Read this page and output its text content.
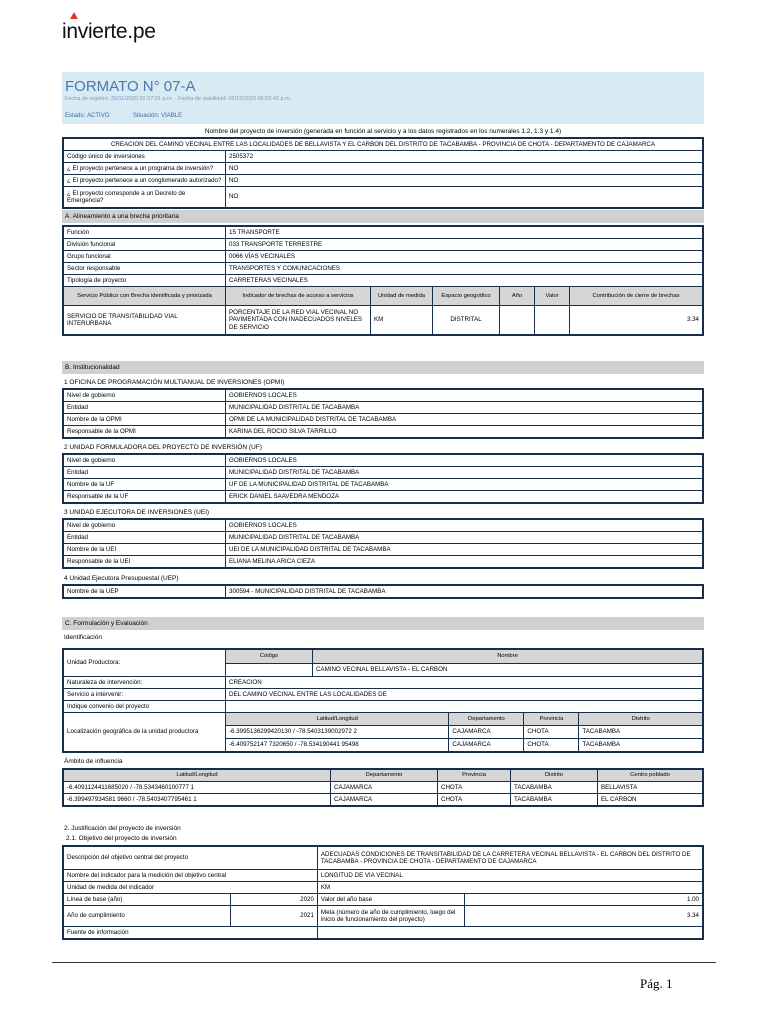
invierte.pe
FORMATO N° 07-A
Fecha de registro: 30/11/2020 02:37:01 p.m. - Fecha de viabilidad: 03/12/2020 06:03:42 p.m.
Estado: ACTIVO	Situación: VIABLE
Nombre del proyecto de inversión (generada en función al servicio y a los datos registrados en los numerales 1.2, 1.3 y 1.4)
CREACION DEL CAMINO VECINAL ENTRE LAS LOCALIDADES DE BELLAVISTA Y EL CARBON DEL DISTRITO DE TACABAMBA - PROVINCIA DE CHOTA - DEPARTAMENTO DE CAJAMARCA	
Código único de inversiones	2505372
¿ El proyecto pertenece a un programa de inversión?	NO
¿ El proyecto pertenece a un conglomerado autorizado?	NO
¿ El proyecto corresponde a un Decreto de Emergencia?	NO
A. Alineamiento a una brecha prioritaria
Función	15 TRANSPORTE					
División funcional	033 TRANSPORTE TERRESTRE					
Grupo funcional	0066 VÍAS VECINALES					
Sector responsable	TRANSPORTES Y COMUNICACIONES					
Tipología de proyecto	CARRETERAS VECINALES					
Servicio Público con Brecha identificada y priorizada	Indicador de brechas de acceso a servicios	Unidad de medida	Espacio geográfico	Año	Valor	Contribución de cierre de brechas
SERVICIO DE TRANSITABILIDAD VIAL INTERURBANA	PORCENTAJE DE LA RED VIAL VECINAL NO PAVIMENTADA CON INADECUADOS NIVELES DE SERVICIO	KM	DISTRITAL			3.34
B. Institucionalidad
1 OFICINA DE PROGRAMACIÓN MULTIANUAL DE INVERSIONES (OPMI)
Nivel de gobierno	GOBIERNOS LOCALES
Entidad	MUNICIPALIDAD DISTRITAL DE TACABAMBA
Nombre de la OPMI	OPMI DE LA MUNICIPALIDAD DISTRITAL DE TACABAMBA
Responsable de la OPMI	KARINA DEL ROCIO SILVA TARRILLO
2 UNIDAD FORMULADORA DEL PROYECTO DE INVERSIÓN (UF)
Nivel de gobierno	GOBIERNOS LOCALES
Entidad	MUNICIPALIDAD DISTRITAL DE TACABAMBA
Nombre de la UF	UF DE LA MUNICIPALIDAD DISTRITAL DE TACABAMBA
Responsable de la UF	ERICK DANIEL SAAVEDRA MENDOZA
3 UNIDAD EJECUTORA DE INVERSIONES (UEI)
Nivel de gobierno	GOBIERNOS LOCALES
Entidad	MUNICIPALIDAD DISTRITAL DE TACABAMBA
Nombre de la UEI	UEI DE LA MUNICIPALIDAD DISTRITAL DE TACABAMBA
Responsable de la UEI	ELIANA MELINA ARICA CIEZA
4 Unidad Ejecutora Presupuestal (UEP)
Nombre de la UEP	300594 - MUNICIPALIDAD DISTRITAL DE TACABAMBA
C. Formulación y Evaluación
Identificación
Unidad Productora:	Código	Nombre			
		CAMINO VECINAL BELLAVISTA - EL CARBON			
Naturaleza de intervención:	CREACION				
Servicio a intervenir:	DEL CAMINO VECINAL ENTRE LAS LOCALIDADES DE				
Indique convenio del proyecto					
Localización geográfica de la unidad productora	Latitud/Longitud		Departamento	Provincia	Distrito
	-6.3995136299420130 / -78.5403139002972 2		CAJAMARCA	CHOTA	TACABAMBA
	-6.409752147 7320650 / -78.534190441 95498		CAJAMARCA	CHOTA	TACABAMBA
Ámbito de influencia
Latitud/Longitud	Departamento	Provincia	Distrito	Centro poblado
-6.4091124411685020 / -78.5343460100777 1	CAJAMARCA	CHOTA	TACABAMBA	BELLAVISTA
-6.399497934581 9660 / -78.5403407795461 1	CAJAMARCA	CHOTA	TACABAMBA	EL CARBON
2. Justificación del proyecto de inversión
2.1. Objetivo del proyecto de inversión
Descripción del objetivo central del proyecto		ADECUADAS CONDICIONES DE TRANSITABILIDAD DE LA CARRETERA VECINAL BELLAVISTA - EL CARBON DEL DISTRITO DE TACABAMBA - PROVINCIA DE CHOTA - DEPARTAMENTO DE CAJAMARCA	
Nombre del indicador para la medición del objetivo central		LONGITUD DE VIA VECINAL	
Unidad de medida del indicador		KM	
Línea de base (año)	2020	Valor del año base	1.00
Año de cumplimiento	2021	Meta (número de año de cumplimiento, luego del inicio de funcionamiento del proyecto)	3.34
Fuente de información			
Pág. 1
